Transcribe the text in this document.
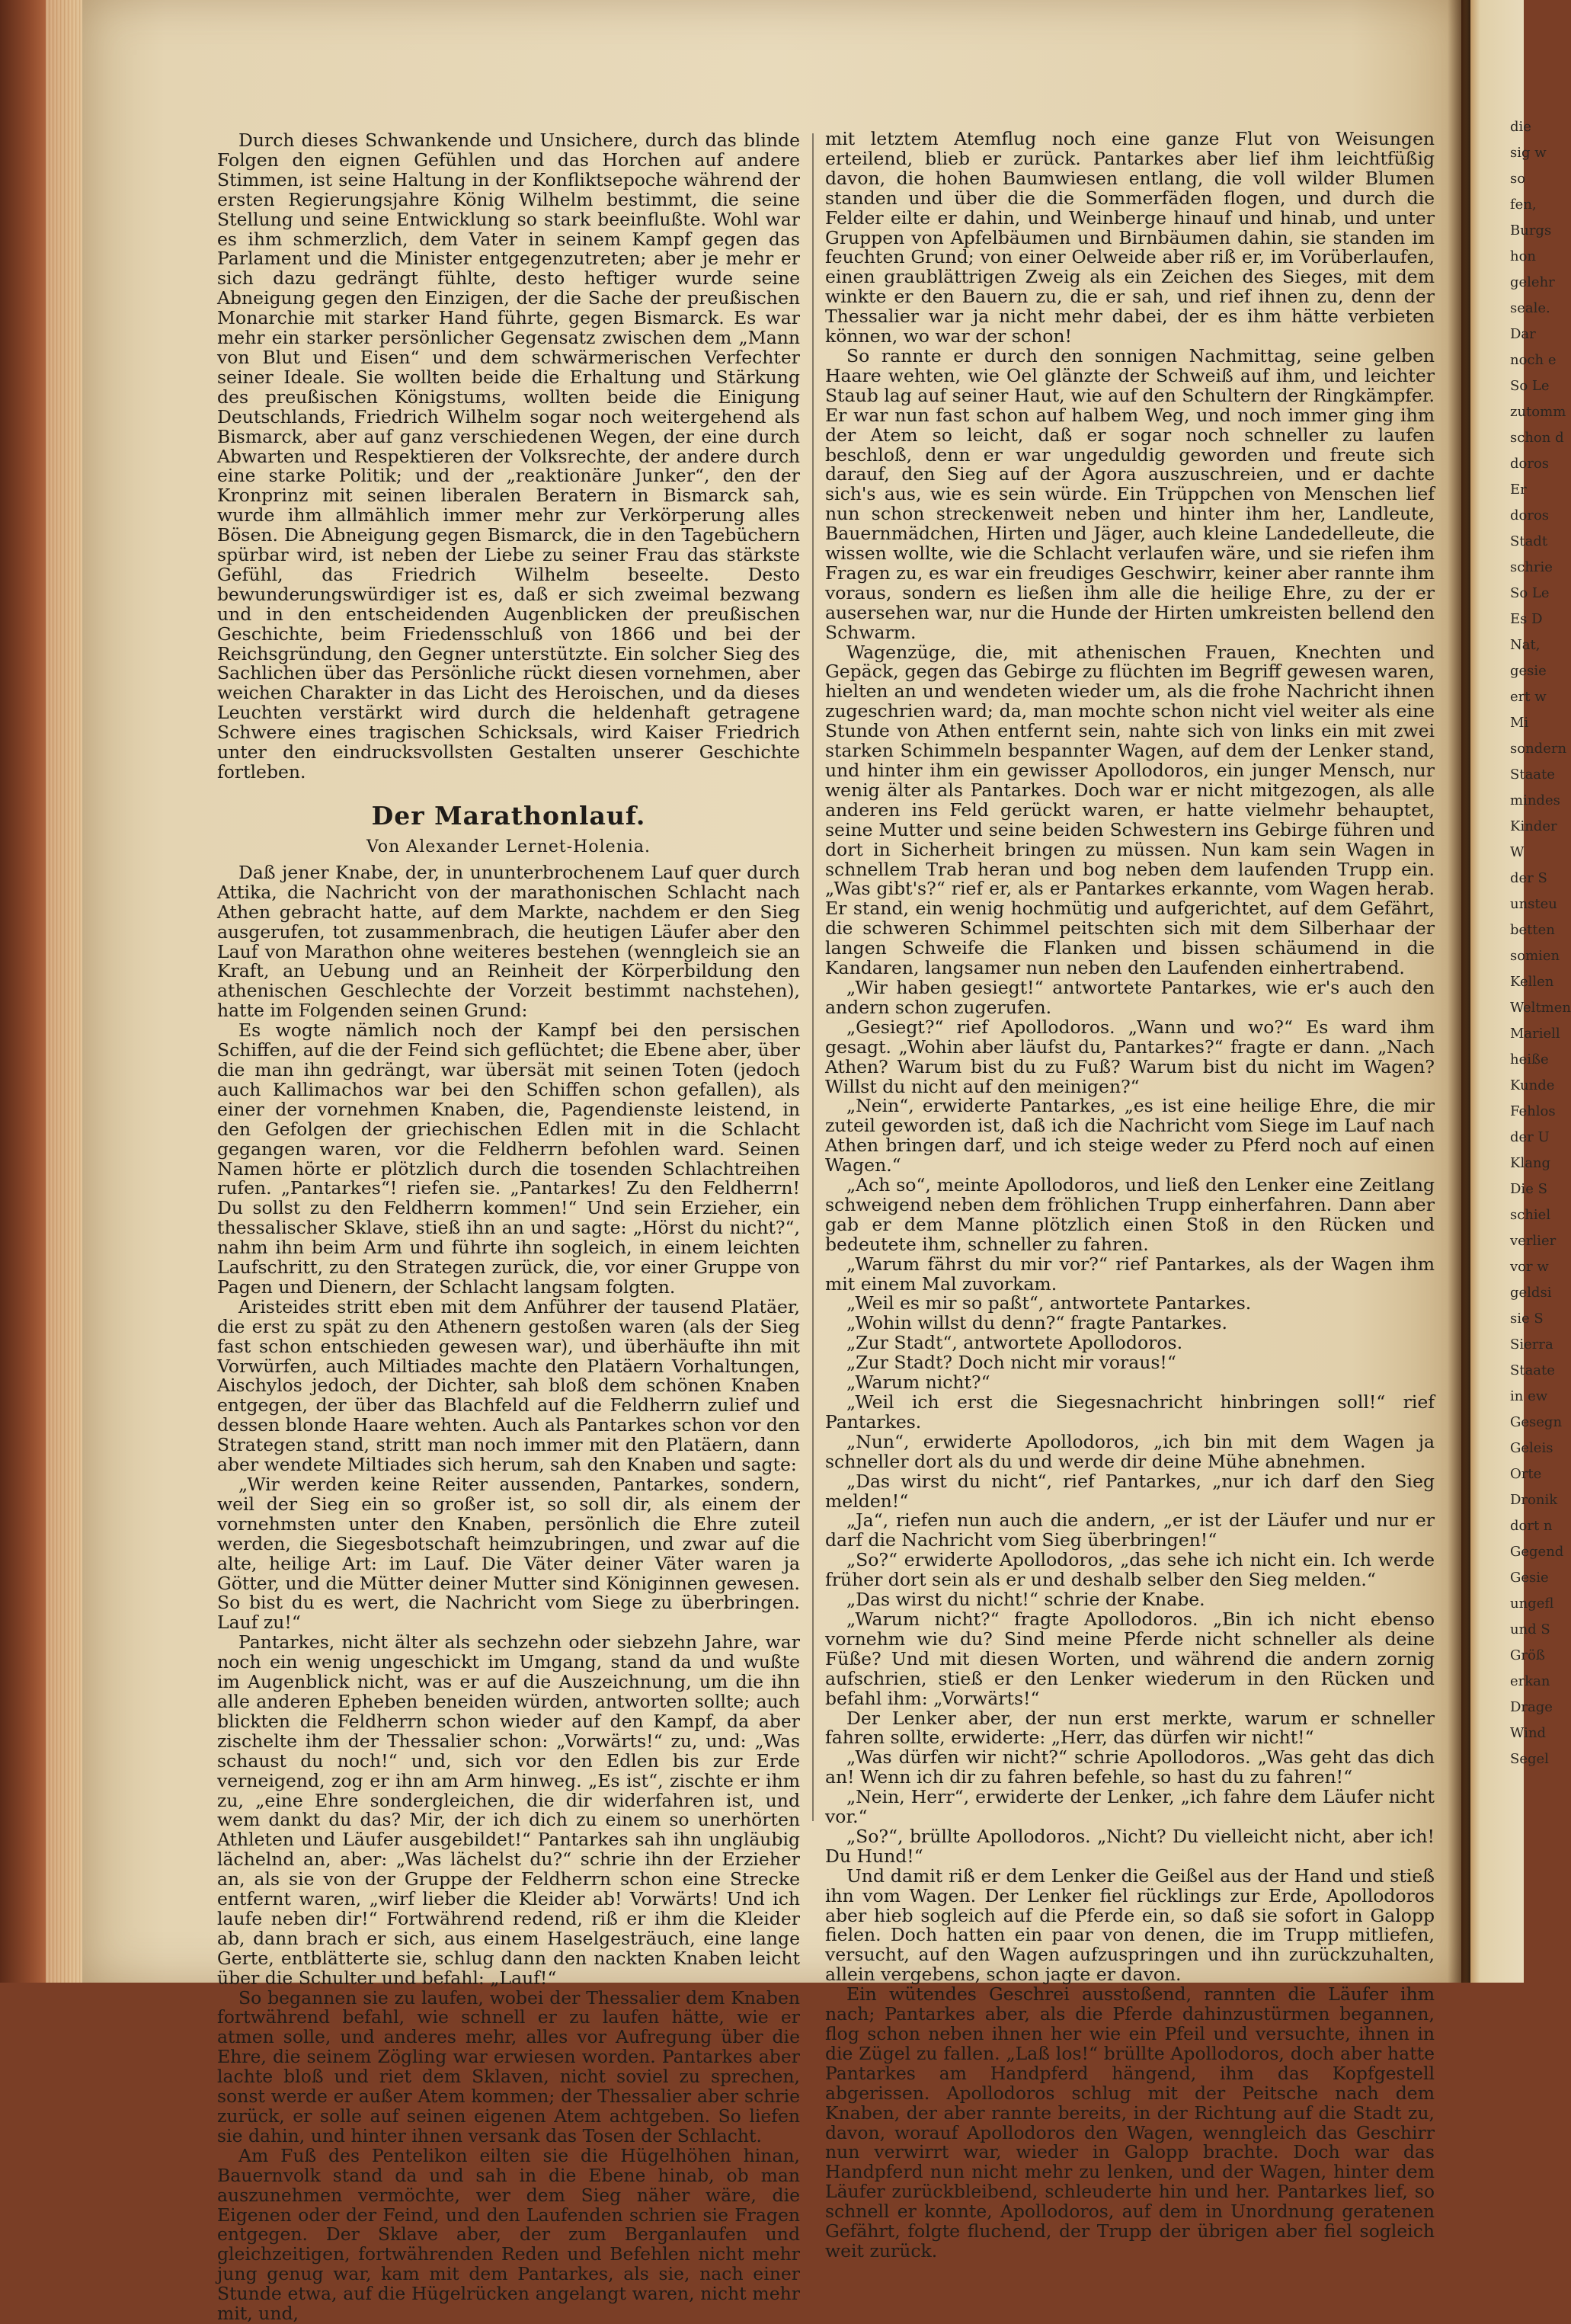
Durch dieses Schwankende und Unsichere, durch das blinde Folgen den eignen Gefühlen und das Horchen auf andere Stimmen, ist seine Haltung in der Konfliktsepoche während der ersten Regierungsjahre König Wilhelm bestimmt, die seine Stellung und seine Entwicklung so stark beeinflußte. Wohl war es ihm schmerzlich, dem Vater in seinem Kampf gegen das Parlament und die Minister entgegenzutreten; aber je mehr er sich dazu gedrängt fühlte, desto heftiger wurde seine Abneigung gegen den Einzigen, der die Sache der preußischen Monarchie mit starker Hand führte, gegen Bismarck. Es war mehr ein starker persönlicher Gegensatz zwischen dem „Mann von Blut und Eisen“ und dem schwärmerischen Verfechter seiner Ideale. Sie wollten beide die Erhaltung und Stärkung des preußischen Königstums, wollten beide die Einigung Deutschlands, Friedrich Wilhelm sogar noch weitergehend als Bismarck, aber auf ganz verschiedenen Wegen, der eine durch Abwarten und Respektieren der Volksrechte, der andere durch eine starke Politik; und der „reaktionäre Junker“, den der Kronprinz mit seinen liberalen Beratern in Bismarck sah, wurde ihm allmählich immer mehr zur Verkörperung alles Bösen. Die Abneigung gegen Bismarck, die in den Tagebüchern spürbar wird, ist neben der Liebe zu seiner Frau das stärkste Gefühl, das Friedrich Wilhelm beseelte. Desto bewunderungswürdiger ist es, daß er sich zweimal bezwang und in den entscheidenden Augenblicken der preußischen Geschichte, beim Friedensschluß von 1866 und bei der Reichsgründung, den Gegner unterstützte. Ein solcher Sieg des Sachlichen über das Persönliche rückt diesen vornehmen, aber weichen Charakter in das Licht des Heroischen, und da dieses Leuchten verstärkt wird durch die heldenhaft getragene Schwere eines tragischen Schicksals, wird Kaiser Friedrich unter den eindrucksvollsten Gestalten unserer Geschichte fortleben.

Der Marathonlauf.
Von Alexander Lernet-Holenia.

Daß jener Knabe, der, in ununterbrochenem Lauf quer durch Attika, die Nachricht von der marathonischen Schlacht nach Athen gebracht hatte, auf dem Markte, nachdem er den Sieg ausgerufen, tot zusammenbrach, die heutigen Läufer aber den Lauf von Marathon ohne weiteres bestehen (wenngleich sie an Kraft, an Uebung und an Reinheit der Körperbildung den athenischen Geschlechte der Vorzeit bestimmt nachstehen), hatte im Folgenden seinen Grund:

Es wogte nämlich noch der Kampf bei den persischen Schiffen, auf die der Feind sich geflüchtet; die Ebene aber, über die man ihn gedrängt, war übersät mit seinen Toten (jedoch auch Kallimachos war bei den Schiffen schon gefallen), als einer der vornehmen Knaben, die, Pagendienste leistend, in den Gefolgen der griechischen Edlen mit in die Schlacht gegangen waren, vor die Feldherrn befohlen ward. Seinen Namen hörte er plötzlich durch die tosenden Schlachtreihen rufen. „Pantarkes“! riefen sie. „Pantarkes! Zu den Feldherrn! Du sollst zu den Feldherrn kommen!“ Und sein Erzieher, ein thessalischer Sklave, stieß ihn an und sagte: „Hörst du nicht?“, nahm ihn beim Arm und führte ihn sogleich, in einem leichten Laufschritt, zu den Strategen zurück, die, vor einer Gruppe von Pagen und Dienern, der Schlacht langsam folgten.

Aristeides stritt eben mit dem Anführer der tausend Platäer, die erst zu spät zu den Athenern gestoßen waren (als der Sieg fast schon entschieden gewesen war), und überhäufte ihn mit Vorwürfen, auch Miltiades machte den Platäern Vorhaltungen, Aischylos jedoch, der Dichter, sah bloß dem schönen Knaben entgegen, der über das Blachfeld auf die Feldherrn zulief und dessen blonde Haare wehten. Auch als Pantarkes schon vor den Strategen stand, stritt man noch immer mit den Platäern, dann aber wendete Miltiades sich herum, sah den Knaben und sagte:

„Wir werden keine Reiter aussenden, Pantarkes, sondern, weil der Sieg ein so großer ist, so soll dir, als einem der vornehmsten unter den Knaben, persönlich die Ehre zuteil werden, die Siegesbotschaft heimzubringen, und zwar auf die alte, heilige Art: im Lauf. Die Väter deiner Väter waren ja Götter, und die Mütter deiner Mutter sind Königinnen gewesen. So bist du es wert, die Nachricht vom Siege zu überbringen. Lauf zu!“

Pantarkes, nicht älter als sechzehn oder siebzehn Jahre, war noch ein wenig ungeschickt im Umgang, stand da und wußte im Augenblick nicht, was er auf die Auszeichnung, um die ihn alle anderen Epheben beneiden würden, antworten sollte; auch blickten die Feldherrn schon wieder auf den Kampf, da aber zischelte ihm der Thessalier schon: „Vorwärts!“ zu, und: „Was schaust du noch!“ und, sich vor den Edlen bis zur Erde verneigend, zog er ihn am Arm hinweg. „Es ist“, zischte er ihm zu, „eine Ehre sondergleichen, die dir widerfahren ist, und wem dankt du das? Mir, der ich dich zu einem so unerhörten Athleten und Läufer ausgebildet!“ Pantarkes sah ihn ungläubig lächelnd an, aber: „Was lächelst du?“ schrie ihn der Erzieher an, als sie von der Gruppe der Feldherrn schon eine Strecke entfernt waren, „wirf lieber die Kleider ab! Vorwärts! Und ich laufe neben dir!“ Fortwährend redend, riß er ihm die Kleider ab, dann brach er sich, aus einem Haselgesträuch, eine lange Gerte, entblätterte sie, schlug dann den nackten Knaben leicht über die Schulter und befahl: „Lauf!“

So begannen sie zu laufen, wobei der Thessalier dem Knaben fortwährend befahl, wie schnell er zu laufen hätte, wie er atmen solle, und anderes mehr, alles vor Aufregung über die Ehre, die seinem Zögling war erwiesen worden. Pantarkes aber lachte bloß und riet dem Sklaven, nicht soviel zu sprechen, sonst werde er außer Atem kommen; der Thessalier aber schrie zurück, er solle auf seinen eigenen Atem achtgeben. So liefen sie dahin, und hinter ihnen versank das Tosen der Schlacht.

Am Fuß des Pentelikon eilten sie die Hügelhöhen hinan, Bauernvolk stand da und sah in die Ebene hinab, ob man auszunehmen vermöchte, wer dem Sieg näher wäre, die Eigenen oder der Feind, und den Laufenden schrien sie Fragen entgegen. Der Sklave aber, der zum Berganlaufen und gleichzeitigen, fortwährenden Reden und Befehlen nicht mehr jung genug war, kam mit dem Pantarkes, als sie, nach einer Stunde etwa, auf die Hügelrücken angelangt waren, nicht mehr mit, und,

mit letztem Atemflug noch eine ganze Flut von Weisungen erteilend, blieb er zurück. Pantarkes aber lief ihm leichtfüßig davon, die hohen Baumwiesen entlang, die voll wilder Blumen standen und über die die Sommerfäden flogen, und durch die Felder eilte er dahin, und Weinberge hinauf und hinab, und unter Gruppen von Apfelbäumen und Birnbäumen dahin, sie standen im feuchten Grund; von einer Oelweide aber riß er, im Vorüberlaufen, einen graublättrigen Zweig als ein Zeichen des Sieges, mit dem winkte er den Bauern zu, die er sah, und rief ihnen zu, denn der Thessalier war ja nicht mehr dabei, der es ihm hätte verbieten können, wo war der schon!

So rannte er durch den sonnigen Nachmittag, seine gelben Haare wehten, wie Oel glänzte der Schweiß auf ihm, und leichter Staub lag auf seiner Haut, wie auf den Schultern der Ringkämpfer. Er war nun fast schon auf halbem Weg, und noch immer ging ihm der Atem so leicht, daß er sogar noch schneller zu laufen beschloß, denn er war ungeduldig geworden und freute sich darauf, den Sieg auf der Agora auszuschreien, und er dachte sich's aus, wie es sein würde. Ein Trüppchen von Menschen lief nun schon streckenweit neben und hinter ihm her, Landleute, Bauernmädchen, Hirten und Jäger, auch kleine Landedelleute, die wissen wollte, wie die Schlacht verlaufen wäre, und sie riefen ihm Fragen zu, es war ein freudiges Geschwirr, keiner aber rannte ihm voraus, sondern es ließen ihm alle die heilige Ehre, zu der er ausersehen war, nur die Hunde der Hirten umkreisten bellend den Schwarm.

Wagenzüge, die, mit athenischen Frauen, Knechten und Gepäck, gegen das Gebirge zu flüchten im Begriff gewesen waren, hielten an und wendeten wieder um, als die frohe Nachricht ihnen zugeschrien ward; da, man mochte schon nicht viel weiter als eine Stunde von Athen entfernt sein, nahte sich von links ein mit zwei starken Schimmeln bespannter Wagen, auf dem der Lenker stand, und hinter ihm ein gewisser Apollodoros, ein junger Mensch, nur wenig älter als Pantarkes. Doch war er nicht mitgezogen, als alle anderen ins Feld gerückt waren, er hatte vielmehr behauptet, seine Mutter und seine beiden Schwestern ins Gebirge führen und dort in Sicherheit bringen zu müssen. Nun kam sein Wagen in schnellem Trab heran und bog neben dem laufenden Trupp ein. „Was gibt's?“ rief er, als er Pantarkes erkannte, vom Wagen herab. Er stand, ein wenig hochmütig und aufgerichtet, auf dem Gefährt, die schweren Schimmel peitschten sich mit dem Silberhaar der langen Schweife die Flanken und bissen schäumend in die Kandaren, langsamer nun neben den Laufenden einhertrabend.

„Wir haben gesiegt!“ antwortete Pantarkes, wie er's auch den andern schon zugerufen.

„Gesiegt?“ rief Apollodoros. „Wann und wo?“ Es ward ihm gesagt. „Wohin aber läufst du, Pantarkes?“ fragte er dann. „Nach Athen? Warum bist du zu Fuß? Warum bist du nicht im Wagen? Willst du nicht auf den meinigen?“

„Nein“, erwiderte Pantarkes, „es ist eine heilige Ehre, die mir zuteil geworden ist, daß ich die Nachricht vom Siege im Lauf nach Athen bringen darf, und ich steige weder zu Pferd noch auf einen Wagen.“

„Ach so“, meinte Apollodoros, und ließ den Lenker eine Zeitlang schweigend neben dem fröhlichen Trupp einherfahren. Dann aber gab er dem Manne plötzlich einen Stoß in den Rücken und bedeutete ihm, schneller zu fahren.

„Warum fährst du mir vor?“ rief Pantarkes, als der Wagen ihm mit einem Mal zuvorkam.

„Weil es mir so paßt“, antwortete Pantarkes.

„Wohin willst du denn?“ fragte Pantarkes.

„Zur Stadt“, antwortete Apollodoros.

„Zur Stadt? Doch nicht mir voraus!“

„Warum nicht?“

„Weil ich erst die Siegesnachricht hinbringen soll!“ rief Pantarkes.

„Nun“, erwiderte Apollodoros, „ich bin mit dem Wagen ja schneller dort als du und werde dir deine Mühe abnehmen.

„Das wirst du nicht“, rief Pantarkes, „nur ich darf den Sieg melden!“

„Ja“, riefen nun auch die andern, „er ist der Läufer und nur er darf die Nachricht vom Sieg überbringen!“

„So?“ erwiderte Apollodoros, „das sehe ich nicht ein. Ich werde früher dort sein als er und deshalb selber den Sieg melden.“

„Das wirst du nicht!“ schrie der Knabe.

„Warum nicht?“ fragte Apollodoros. „Bin ich nicht ebenso vornehm wie du? Sind meine Pferde nicht schneller als deine Füße? Und mit diesen Worten, und während die andern zornig aufschrien, stieß er den Lenker wiederum in den Rücken und befahl ihm: „Vorwärts!“

Der Lenker aber, der nun erst merkte, warum er schneller fahren sollte, erwiderte: „Herr, das dürfen wir nicht!“

„Was dürfen wir nicht?“ schrie Apollodoros. „Was geht das dich an! Wenn ich dir zu fahren befehle, so hast du zu fahren!“

„Nein, Herr“, erwiderte der Lenker, „ich fahre dem Läufer nicht vor.“

„So?“, brüllte Apollodoros. „Nicht? Du vielleicht nicht, aber ich! Du Hund!“

Und damit riß er dem Lenker die Geißel aus der Hand und stieß ihn vom Wagen. Der Lenker fiel rücklings zur Erde, Apollodoros aber hieb sogleich auf die Pferde ein, so daß sie sofort in Galopp fielen. Doch hatten ein paar von denen, die im Trupp mitliefen, versucht, auf den Wagen aufzuspringen und ihn zurückzuhalten, allein vergebens, schon jagte er davon.

Ein wütendes Geschrei ausstoßend, rannten die Läufer ihm nach; Pantarkes aber, als die Pferde dahinzustürmen begannen, flog schon neben ihnen her wie ein Pfeil und versuchte, ihnen in die Zügel zu fallen. „Laß los!“ brüllte Apollodoros, doch aber hatte Pantarkes am Handpferd hängend, ihm das Kopfgestell abgerissen. Apollodoros schlug mit der Peitsche nach dem Knaben, der aber rannte bereits, in der Richtung auf die Stadt zu, davon, worauf Apollodoros den Wagen, wenngleich das Geschirr nun verwirrt war, wieder in Galopp brachte. Doch war das Handpferd nun nicht mehr zu lenken, und der Wagen, hinter dem Läufer zurückbleibend, schleuderte hin und her. Pantarkes lief, so schnell er konnte, Apollodoros, auf dem in Unordnung geratenen Gefährt, folgte fluchend, der Trupp der übrigen aber fiel sogleich weit zurück.

die
sig w
so
fen,
Burgs
hon
gelehr
seale.
Dar
noch e
So Le
zutomm
schon d
doros
Er
doros
Stadt
schrie
So Le
Es D
Nat,
gesie
ert w
Mi
sondern
Staate
mindes
Kinder
W
der S
unsteu
betten
somien
Kellen
Weltmen
Mariell
heiße
Kunde
Fehlos
der U
Klang
Die S
schiel
verlier
vor w
geldsi
sie S
Sierra
Staate
in ew
Gesegn
Geleis
Orte
Dronik
dort n
Gegend
Gesie
ungefl
und S
Größ
erkan
Drage
Wind
Segel
